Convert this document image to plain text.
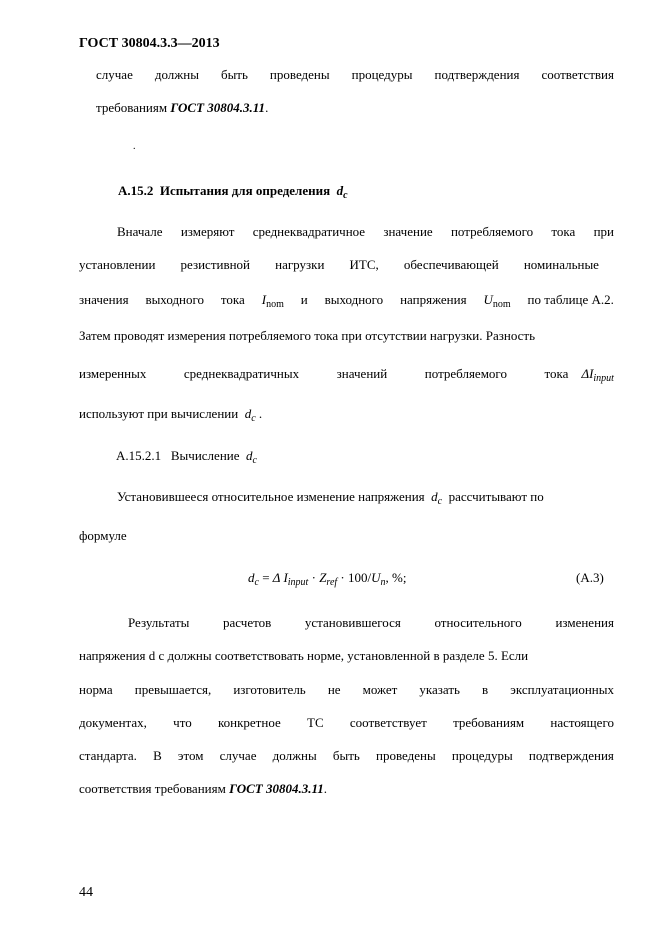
ГОСТ 30804.3.3—2013
случае должны быть проведены процедуры подтверждения соответствия
требованиям ГОСТ 30804.3.11.
.
А.15.2 Испытания для определения $d_c$
Вначале измеряют среднеквадратичное значение потребляемого тока при
установлении резистивной нагрузки ИТС, обеспечивающей номинальные
значения выходного тока $I_{nom}$ и выходного напряжения $U_{nom}$ по таблице А.2.
Затем проводят измерения потребляемого тока при отсутствии нагрузки. Разность
измеренных	среднеквадратичных	значений	потребляемого	тока $\Delta I_{input}$
используют при вычислении $d_c$ .
А.15.2.1 Вычисление $d_c$
Установившееся относительное изменение напряжения $d_c$ рассчитывают по
формуле
$d_c = \Delta$ $I_{input} \cdot Z_{ref} \cdot 100/U_n$, %;	(А.3)
Результаты	расчетов	установившегося	относительного	изменения
напряжения d c должны соответствовать норме, установленной в разделе 5. Если
норма превышается, изготовитель не может указать в эксплуатационных
документах, что конкретное ТС соответствует требованиям настоящего
стандарта. В этом случае должны быть проведены процедуры подтверждения
соответствия требованиям ГОСТ 30804.3.11.
44
